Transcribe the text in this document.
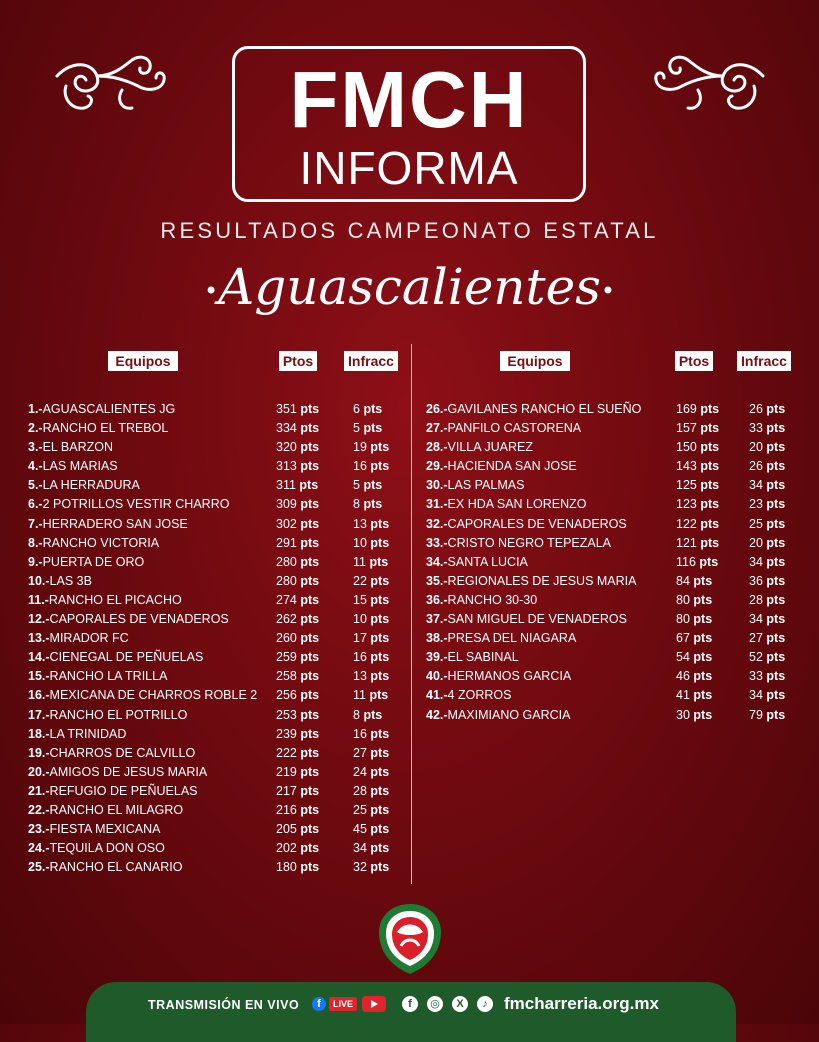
FMCH
INFORMA
RESULTADOS CAMPEONATO ESTATAL
•Aguascalientes•
Equipos	Ptos Infracc	Equipos	Ptos Infracc
1.-AGUASCALIENTES JG	351 pts	6 pts
2.-RANCHO EL TREBOL	334 pts	5 pts
3.-EL BARZON	320 pts	19 pts
4.-LAS MARIAS	313 pts	16 pts
5.-LA HERRADURA	311 pts	5 pts
6.-2 POTRILLOS VESTIR CHARRO	309 pts	8 pts
7.-HERRADERO SAN JOSE	302 pts	13 pts
8.-RANCHO VICTORIA	291 pts	10 pts
9.-PUERTA DE ORO	280 pts	11 pts
10.-LAS 3B	280 pts	22 pts
11.-RANCHO EL PICACHO	274 pts	15 pts
12.-CAPORALES DE VENADEROS	262 pts	10 pts
13.-MIRADOR FC	260 pts	17 pts
14.-CIENEGAL DE PEÑUELAS	259 pts	16 pts
15.-RANCHO LA TRILLA	258 pts	13 pts
16.-MEXICANA DE CHARROS ROBLE 2 256 pts	11 pts
17.-RANCHO EL POTRILLO	253 pts	8 pts
18.-LA TRINIDAD	239 pts	16 pts
19.-CHARROS DE CALVILLO	222 pts	27 pts
20.-AMIGOS DE JESUS MARIA	219 pts	24 pts
21.-REFUGIO DE PEÑUELAS	217 pts	28 pts
22.-RANCHO EL MILAGRO	216 pts	25 pts
23.-FIESTA MEXICANA	205 pts	45 pts
24.-TEQUILA DON OSO	202 pts	34 pts
25.-RANCHO EL CANARIO	180 pts	32 pts
26.-GAVILANES RANCHO EL SUEÑO	169 pts 26 pts
27.-PANFILO CASTORENA	157 pts 33 pts
28.-VILLA JUAREZ	150 pts 20 pts
29.-HACIENDA SAN JOSE	143 pts 26 pts
30.-LAS PALMAS	125 pts 34 pts
31.-EX HDA SAN LORENZO	123 pts 23 pts
32.-CAPORALES DE VENADEROS	122 pts 25 pts
33.-CRISTO NEGRO TEPEZALA	121 pts 20 pts
34.-SANTA LUCIA	116 pts 34 pts
35.-REGIONALES DE JESUS MARIA	84 pts	36 pts
36.-RANCHO 30-30	80 pts	28 pts
37.-SAN MIGUEL DE VENADEROS	80 pts	34 pts
38.-PRESA DEL NIAGARA	67 pts	27 pts
39.-EL SABINAL	54 pts	52 pts
40.-HERMANOS GARCIA	46 pts	33 pts
41.-4 ZORROS	41 pts	34 pts
42.-MAXIMIANO GARCIA	30 pts	79 pts
TRANSMISIÓN EN VIVO	f	LIVE	f	◎	X	♪ fmcharreria.org.mx
